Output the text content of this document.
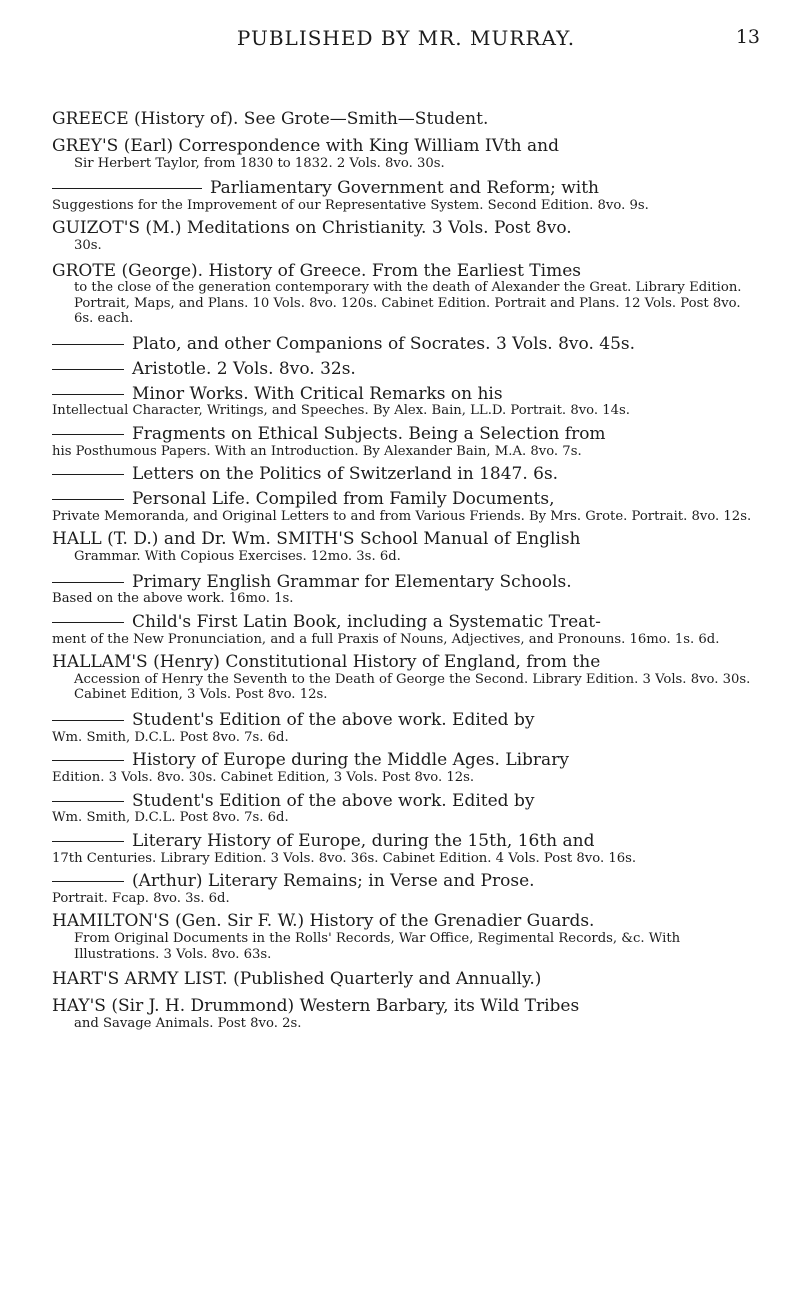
PUBLISHED BY MR. MURRAY.	13
GREECE (History of). See Grote—Smith—Student.
GREY'S (Earl) Correspondence with King William IVth and
Sir Herbert Taylor, from 1830 to 1832. 2 Vols. 8vo. 30s.
Parliamentary Government and Reform; with
Suggestions for the Improvement of our Representative System. Second Edition. 8vo. 9s.
GUIZOT'S (M.) Meditations on Christianity. 3 Vols. Post 8vo.
30s.
GROTE (George). History of Greece. From the Earliest Times
to the close of the generation contemporary with the death of Alexander the Great. Library Edition. Portrait, Maps, and Plans. 10 Vols. 8vo. 120s. Cabinet Edition. Portrait and Plans. 12 Vols. Post 8vo. 6s. each.
Plato, and other Companions of Socrates. 3 Vols. 8vo. 45s.
Aristotle. 2 Vols. 8vo. 32s.
Minor Works. With Critical Remarks on his
Intellectual Character, Writings, and Speeches. By Alex. Bain, LL.D. Portrait. 8vo. 14s.
Fragments on Ethical Subjects. Being a Selection from
his Posthumous Papers. With an Introduction. By Alexander Bain, M.A. 8vo. 7s.
Letters on the Politics of Switzerland in 1847. 6s.
Personal Life. Compiled from Family Documents,
Private Memoranda, and Original Letters to and from Various Friends. By Mrs. Grote. Portrait. 8vo. 12s.
HALL (T. D.) and Dr. Wm. SMITH'S School Manual of English
Grammar. With Copious Exercises. 12mo. 3s. 6d.
Primary English Grammar for Elementary Schools.
Based on the above work. 16mo. 1s.
Child's First Latin Book, including a Systematic Treat-
ment of the New Pronunciation, and a full Praxis of Nouns, Adjectives, and Pronouns. 16mo. 1s. 6d.
HALLAM'S (Henry) Constitutional History of England, from the
Accession of Henry the Seventh to the Death of George the Second. Library Edition. 3 Vols. 8vo. 30s. Cabinet Edition, 3 Vols. Post 8vo. 12s.
Student's Edition of the above work. Edited by
Wm. Smith, D.C.L. Post 8vo. 7s. 6d.
History of Europe during the Middle Ages. Library
Edition. 3 Vols. 8vo. 30s. Cabinet Edition, 3 Vols. Post 8vo. 12s.
Student's Edition of the above work. Edited by
Wm. Smith, D.C.L. Post 8vo. 7s. 6d.
Literary History of Europe, during the 15th, 16th and
17th Centuries. Library Edition. 3 Vols. 8vo. 36s. Cabinet Edition. 4 Vols. Post 8vo. 16s.
(Arthur) Literary Remains; in Verse and Prose.
Portrait. Fcap. 8vo. 3s. 6d.
HAMILTON'S (Gen. Sir F. W.) History of the Grenadier Guards.
From Original Documents in the Rolls' Records, War Office, Regimental Records, &c. With Illustrations. 3 Vols. 8vo. 63s.
HART'S ARMY LIST. (Published Quarterly and Annually.)
HAY'S (Sir J. H. Drummond) Western Barbary, its Wild Tribes
and Savage Animals. Post 8vo. 2s.
